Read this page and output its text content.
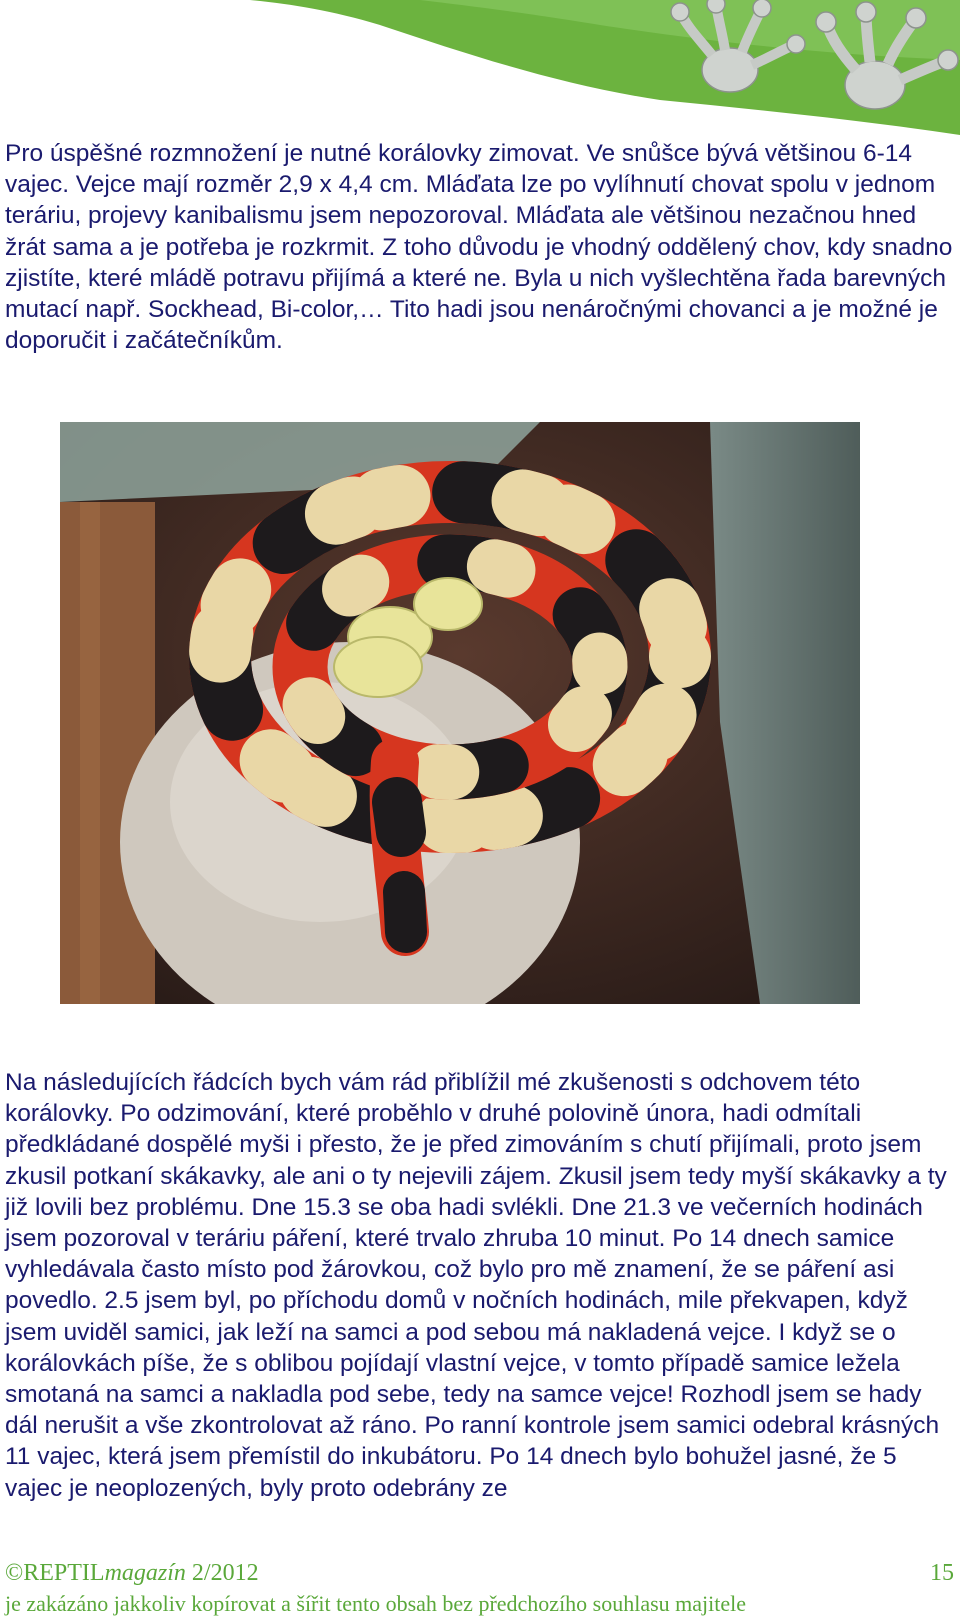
Pro úspěšné rozmnožení je nutné korálovky zimovat. Ve snůšce bývá většinou 6-14 vajec. Vejce mají rozměr 2,9 x 4,4 cm. Mláďata lze po vylíhnutí chovat spolu v jednom teráriu, projevy kanibalismu jsem nepozoroval. Mláďata ale většinou nezačnou hned žrát sama a je potřeba je rozkrmit. Z toho důvodu je vhodný oddělený chov, kdy snadno zjistíte, které mládě potravu přijímá a které ne. Byla u nich vyšlechtěna řada barevných mutací např. Sockhead, Bi-color,… Tito hadi jsou nenáročnými chovanci a je možné je doporučit i začátečníkům.

Na následujících řádcích bych vám rád přiblížil mé zkušenosti s odchovem této korálovky. Po odzimování, které proběhlo v druhé polovině února, hadi odmítali předkládané dospělé myši i přesto, že je před zimováním s chutí přijímali, proto jsem zkusil potkaní skákavky, ale ani o ty nejevili zájem. Zkusil jsem tedy myší skákavky a ty již lovili bez problému. Dne 15.3 se oba hadi svlékli. Dne 21.3 ve večerních hodinách jsem pozoroval v teráriu páření, které trvalo zhruba 10 minut. Po 14 dnech samice vyhledávala často místo pod žárovkou, což bylo pro mě znamení, že se páření asi povedlo. 2.5 jsem byl, po příchodu domů v nočních hodinách, mile překvapen, když jsem uviděl samici, jak leží na samci a pod sebou má nakladená vejce. I když se o korálovkách píše, že s oblibou pojídají vlastní vejce, v tomto případě samice ležela smotaná na samci a nakladla pod sebe, tedy na samce vejce! Rozhodl jsem se hady dál nerušit a vše zkontrolovat až ráno. Po ranní kontrole jsem samici odebral krásných 11 vajec, která jsem přemístil do inkubátoru. Po 14 dnech bylo bohužel jasné, že 5 vajec je neoplozených, byly proto odebrány ze

©REPTILmagazín 2/2012	15
je zakázáno jakkoliv kopírovat a šířit tento obsah bez předchozího souhlasu majitele
